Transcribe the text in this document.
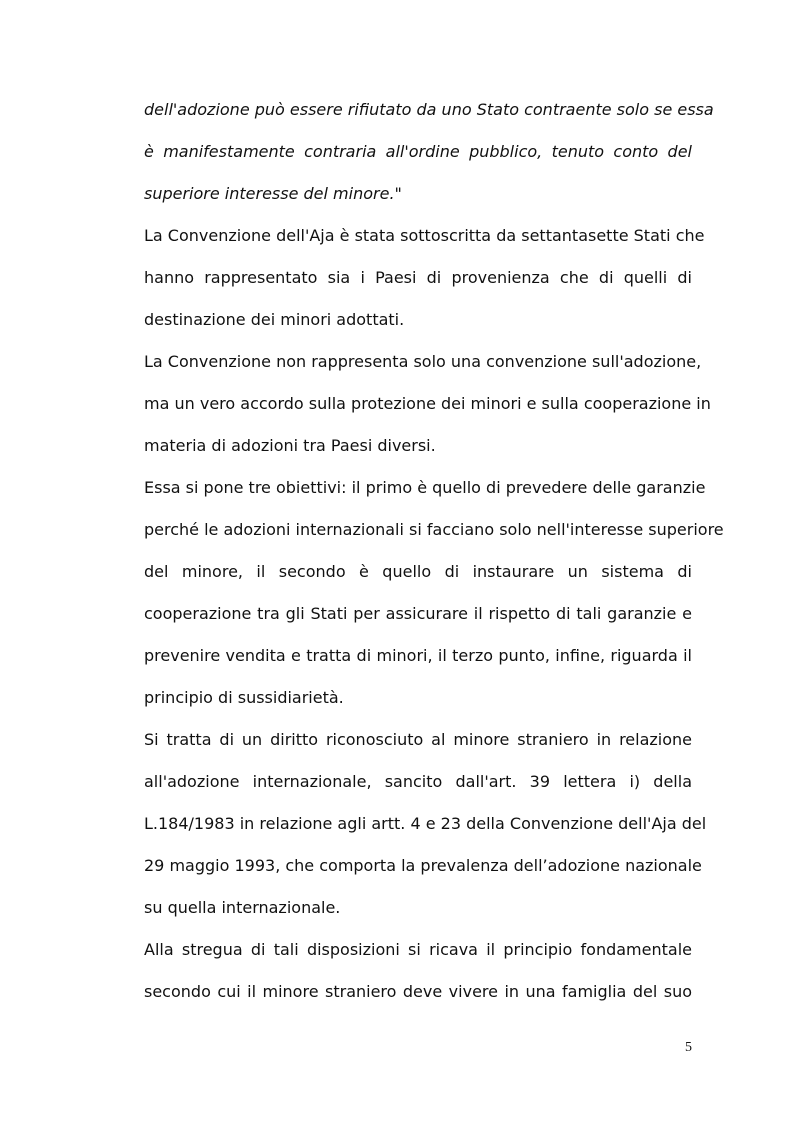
dell'adozione può essere rifiutato da uno Stato contraente solo se essa
è manifestamente contraria all'ordine pubblico, tenuto conto del
superiore interesse del minore."
La Convenzione dell'Aja è stata sottoscritta da settantasette Stati che
hanno rappresentato sia i Paesi di provenienza che di quelli di
destinazione dei minori adottati.
La Convenzione non rappresenta solo una convenzione sull'adozione,
ma un vero accordo sulla protezione dei minori e sulla cooperazione in
materia di adozioni tra Paesi diversi.
Essa si pone tre obiettivi: il primo è quello di prevedere delle garanzie
perché le adozioni internazionali si facciano solo nell'interesse superiore
del minore, il secondo è quello di instaurare un sistema di
cooperazione tra gli Stati per assicurare il rispetto di tali garanzie e
prevenire vendita e tratta di minori, il terzo punto, infine, riguarda il
principio di sussidiarietà.
Si tratta di un diritto riconosciuto al minore straniero in relazione
all'adozione internazionale, sancito dall'art. 39 lettera i) della
L.184/1983 in relazione agli artt. 4 e 23 della Convenzione dell'Aja del
29 maggio 1993, che comporta la prevalenza dell’adozione nazionale
su quella internazionale.
Alla stregua di tali disposizioni si ricava il principio fondamentale
secondo cui il minore straniero deve vivere in una famiglia del suo
5
